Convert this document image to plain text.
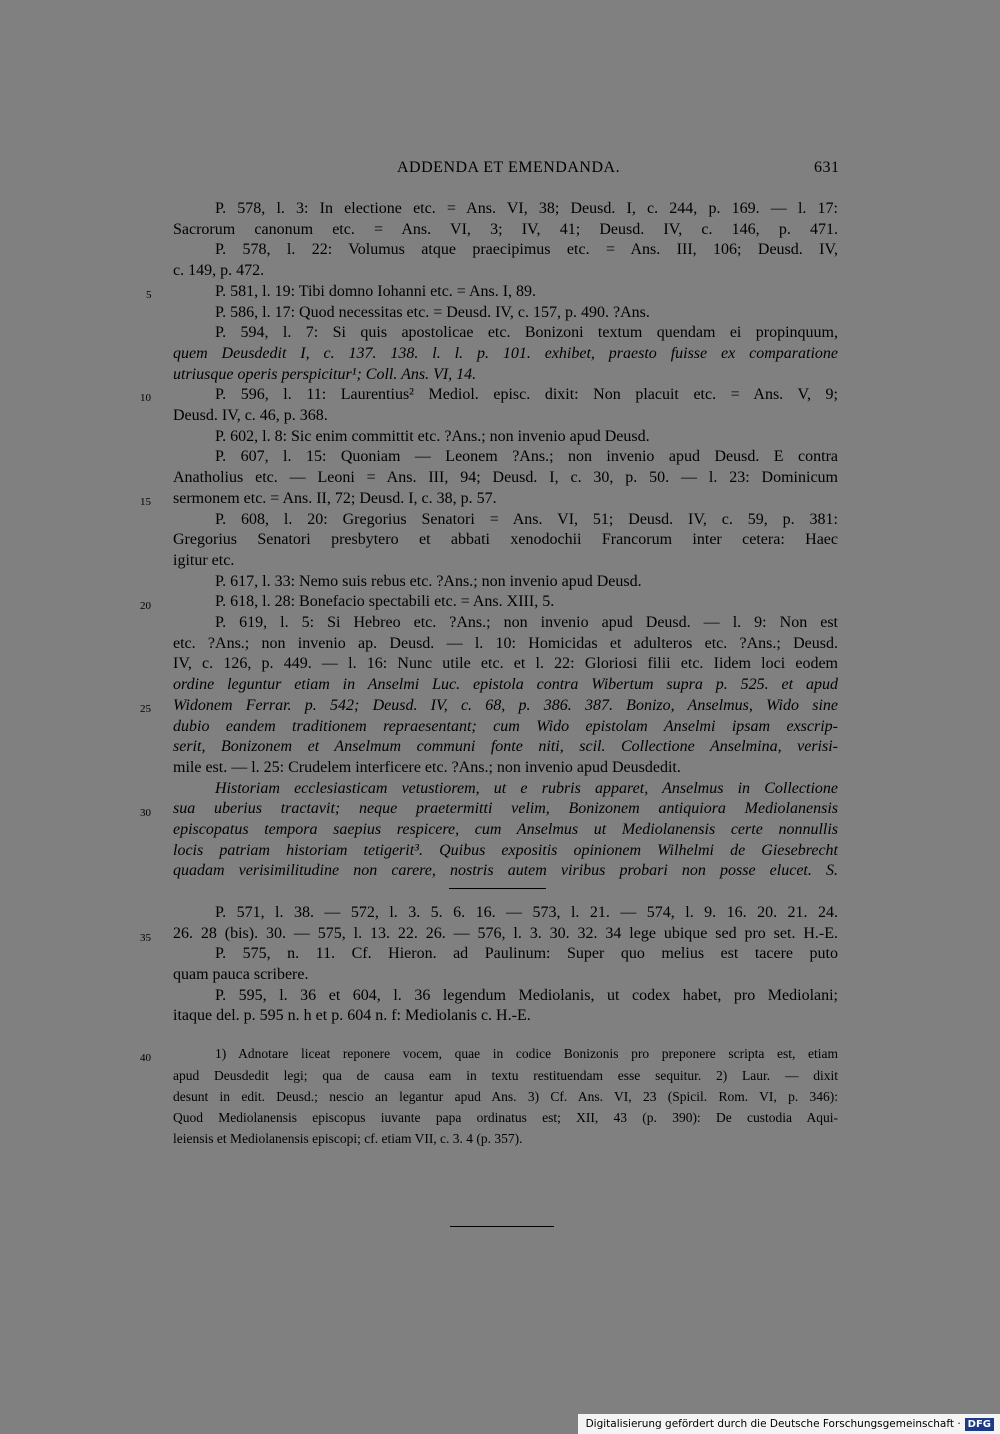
ADDENDA ET EMENDANDA.	631
5
10
15
20
25
30
35
40
P. 578, l. 3: In electione etc. = Ans. VI, 38; Deusd. I, c. 244, p. 169. — l. 17:
Sacrorum canonum etc. = Ans. VI, 3; IV, 41; Deusd. IV, c. 146, p. 471.
P. 578, l. 22: Volumus atque praecipimus etc. = Ans. III, 106; Deusd. IV,
c. 149, p. 472.
P. 581, l. 19: Tibi domno Iohanni etc. = Ans. I, 89.
P. 586, l. 17: Quod necessitas etc. = Deusd. IV, c. 157, p. 490. ?Ans.
P. 594, l. 7: Si quis apostolicae etc. Bonizoni textum quendam ei propinquum,
quem Deusdedit I, c. 137. 138. l. l. p. 101. exhibet, praesto fuisse ex comparatione
utriusque operis perspicitur¹; Coll. Ans. VI, 14.
P. 596, l. 11: Laurentius² Mediol. episc. dixit: Non placuit etc. = Ans. V, 9;
Deusd. IV, c. 46, p. 368.
P. 602, l. 8: Sic enim committit etc. ?Ans.; non invenio apud Deusd.
P. 607, l. 15: Quoniam — Leonem ?Ans.; non invenio apud Deusd. E contra
Anatholius etc. — Leoni = Ans. III, 94; Deusd. I, c. 30, p. 50. — l. 23: Dominicum
sermonem etc. = Ans. II, 72; Deusd. I, c. 38, p. 57.
P. 608, l. 20: Gregorius Senatori = Ans. VI, 51; Deusd. IV, c. 59, p. 381:
Gregorius Senatori presbytero et abbati xenodochii Francorum inter cetera: Haec
igitur etc.
P. 617, l. 33: Nemo suis rebus etc. ?Ans.; non invenio apud Deusd.
P. 618, l. 28: Bonefacio spectabili etc. = Ans. XIII, 5.
P. 619, l. 5: Si Hebreo etc. ?Ans.; non invenio apud Deusd. — l. 9: Non est
etc. ?Ans.; non invenio ap. Deusd. — l. 10: Homicidas et adulteros etc. ?Ans.; Deusd.
IV, c. 126, p. 449. — l. 16: Nunc utile etc. et l. 22: Gloriosi filii etc. Iidem loci eodem
ordine leguntur etiam in Anselmi Luc. epistola contra Wibertum supra p. 525. et apud
Widonem Ferrar. p. 542; Deusd. IV, c. 68, p. 386. 387. Bonizo, Anselmus, Wido sine
dubio eandem traditionem repraesentant; cum Wido epistolam Anselmi ipsam exscrip-
serit, Bonizonem et Anselmum communi fonte niti, scil. Collectione Anselmina, verisi-
mile est. — l. 25: Crudelem interficere etc. ?Ans.; non invenio apud Deusdedit.
Historiam ecclesiasticam vetustiorem, ut e rubris apparet, Anselmus in Collectione
sua uberius tractavit; neque praetermitti velim, Bonizonem antiquiora Mediolanensis
episcopatus tempora saepius respicere, cum Anselmus ut Mediolanensis certe nonnullis
locis patriam historiam tetigerit³. Quibus expositis opinionem Wilhelmi de Giesebrecht
quadam verisimilitudine non carere, nostris autem viribus probari non posse elucet. S.
P. 571, l. 38. — 572, l. 3. 5. 6. 16. — 573, l. 21. — 574, l. 9. 16. 20. 21. 24.
26. 28 (bis). 30. — 575, l. 13. 22. 26. — 576, l. 3. 30. 32. 34 lege ubique sed pro set. H.-E.
P. 575, n. 11. Cf. Hieron. ad Paulinum: Super quo melius est tacere puto
quam pauca scribere.
P. 595, l. 36 et 604, l. 36 legendum Mediolanis, ut codex habet, pro Mediolani;
itaque del. p. 595 n. h et p. 604 n. f: Mediolanis c. H.-E.
1) Adnotare liceat reponere vocem, quae in codice Bonizonis pro preponere scripta est, etiam
apud Deusdedit legi; qua de causa eam in textu restituendam esse sequitur. 2) Laur. — dixit
desunt in edit. Deusd.; nescio an legantur apud Ans. 3) Cf. Ans. VI, 23 (Spicil. Rom. VI, p. 346):
Quod Mediolanensis episcopus iuvante papa ordinatus est; XII, 43 (p. 390): De custodia Aqui-
leiensis et Mediolanensis episcopi; cf. etiam VII, c. 3. 4 (p. 357).
Digitalisierung gefördert durch die Deutsche Forschungsgemeinschaft · DFG
